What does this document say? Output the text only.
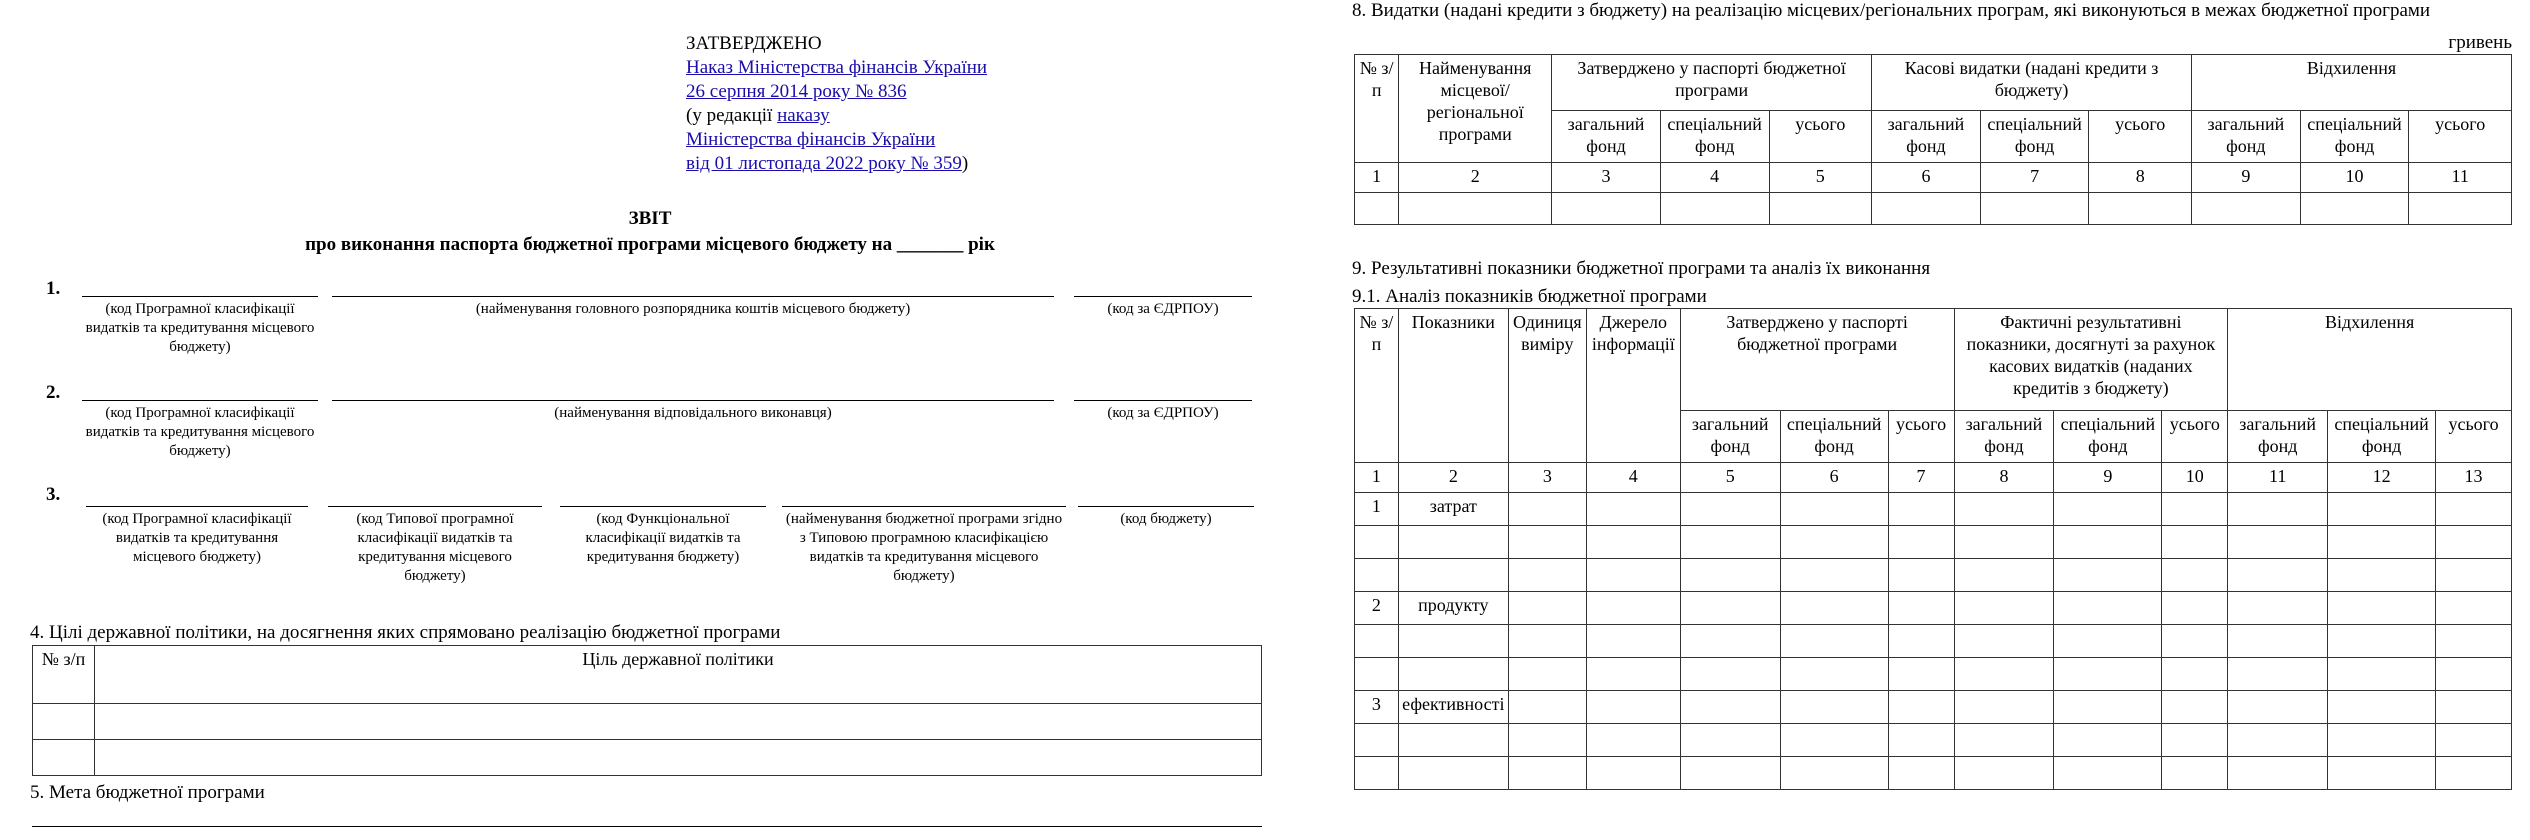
ЗАТВЕРДЖЕНО
Наказ Міністерства фінансів України
26 серпня 2014 року № 836
(у редакції наказу
Міністерства фінансів України
від 01 листопада 2022 року № 359)
ЗВІТ
про виконання паспорта бюджетної програми місцевого бюджету на _______ рік
1.
(код Програмної класифікації видатків та кредитування місцевого бюджету)
(найменування головного розпорядника коштів місцевого бюджету)	(код за ЄДРПОУ)
2.
(код Програмної класифікації видатків та кредитування місцевого бюджету)
(найменування відповідального виконавця)	(код за ЄДРПОУ)
3.
(код Програмної класифікації видатків та кредитування місцевого бюджету)
(код Типової програмної класифікації видатків та кредитування місцевого бюджету)
(код Функціональної класифікації видатків та кредитування бюджету)
(найменування бюджетної програми згідно з Типовою програмною класифікацією видатків та кредитування місцевого бюджету)
(код бюджету)
4. Цілі державної політики, на досягнення яких спрямовано реалізацію бюджетної програми
№ з/п	Ціль державної політики

5. Мета бюджетної програми
8. Видатки (надані кредити з бюджету) на реалізацію місцевих/регіональних програм, які виконуються в межах бюджетної програми
гривень
№ з/п	Найменування місцевої/ регіональної програми	Затверджено у паспорті бюджетної програми			Касові видатки (надані кредити з бюджету)			Відхилення		
		загальний фонд	спеціальний фонд	усього	загальний фонд	спеціальний фонд	усього	загальний фонд	спеціальний фонд	усього
1	2	3	4	5	6	7	8	9	10	11

9. Результативні показники бюджетної програми та аналіз їх виконання
9.1. Аналіз показників бюджетної програми
№ з/п	Показники	Одиниця виміру	Джерело інформації	Затверджено у паспорті бюджетної програми			Фактичні результативні показники, досягнуті за рахунок касових видатків (наданих кредитів з бюджету)			Відхилення		
				загальний фонд	спеціальний фонд	усього	загальний фонд	спеціальний фонд	усього	загальний фонд	спеціальний фонд	усього
1	2	3	4	5	6	7	8	9	10	11	12	13
1	затрат											

2	продукту											

3	ефективності											
